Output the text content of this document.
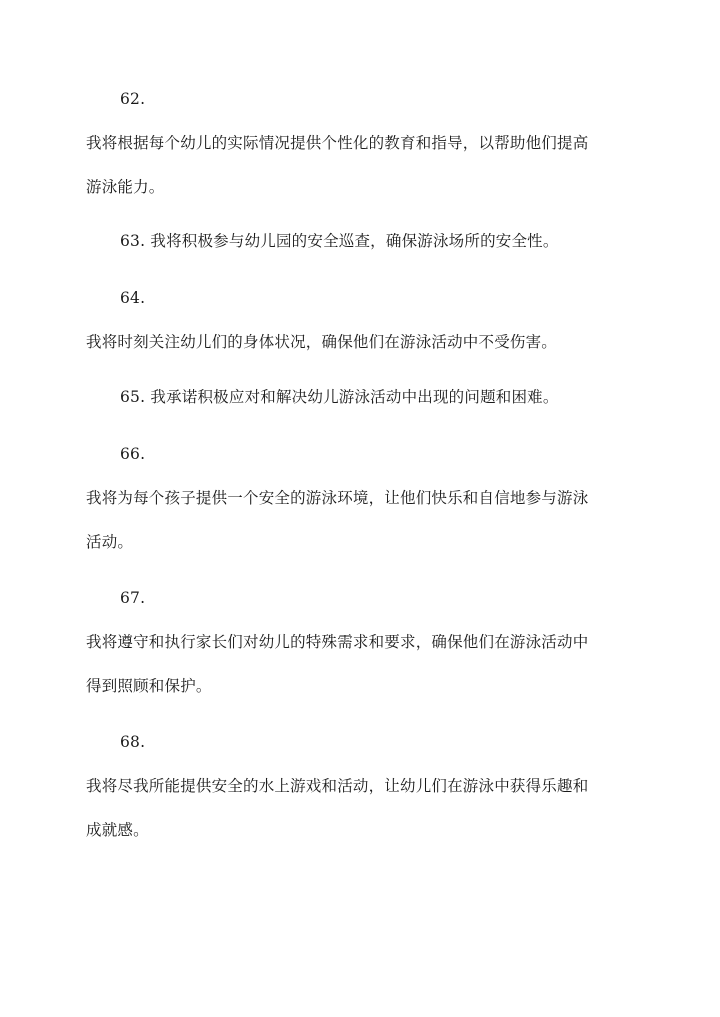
62.
我将根据每个幼儿的实际情况提供个性化的教育和指导，以帮助他们提高
游泳能力。
63. 我将积极参与幼儿园的安全巡查，确保游泳场所的安全性。
64.
我将时刻关注幼儿们的身体状况，确保他们在游泳活动中不受伤害。
65. 我承诺积极应对和解决幼儿游泳活动中出现的问题和困难。
66.
我将为每个孩子提供一个安全的游泳环境，让他们快乐和自信地参与游泳
活动。
67.
我将遵守和执行家长们对幼儿的特殊需求和要求，确保他们在游泳活动中
得到照顾和保护。
68.
我将尽我所能提供安全的水上游戏和活动，让幼儿们在游泳中获得乐趣和
成就感。
